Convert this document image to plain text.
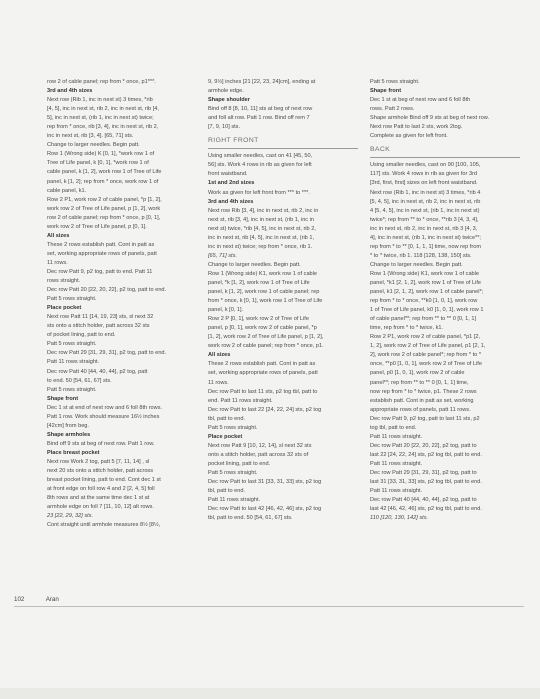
row 2 of cable panel; rep from * once, p1***.
3rd and 4th sizes
Next row (Rib 1, inc in next st) 3 times, *rib
[4, 5], inc in next st, rib 2, inc in next st, rib [4,
5], inc in next st, (rib 1, inc in next st) twice;
rep from * once, rib [3, 4], inc in next st, rib 2,
inc in next st, rib [3, 4]. [65, 71] sts.
Change to larger needles. Begin patt.
Row 1 (Wrong side) K [0, 1], *work row 1 of
Tree of Life panel, k [0, 1], *work row 1 of
cable panel, k [1, 2], work row 1 of Tree of Life
panel, k [1, 2]; rep from * once, work row 1 of
cable panel, k1.
Row 2 P1, work row 2 of cable panel, *p [1, 2],
work row 2 of Tree of Life panel, p [1, 2], work
row 2 of cable panel; rep from * once, p [0, 1],
work row 2 of Tree of Life panel, p [0, 1].
All sizes
These 2 rows establish patt. Cont in patt as
set, working appropriate rows of panels, patt
11 rows.
Dec row Patt 9, p2 tog, patt to end. Patt 11
rows straight.
Dec row Patt 20 [22, 20, 22], p2 tog, patt to end.
Patt 5 rows straight.
Place pocket
Next row Patt 11 [14, 19, 23] sts, sl next 32
sts onto a stitch holder, patt across 32 sts
of pocket lining, patt to end.
Patt 5 rows straight.
Dec row Patt 29 [31, 29, 31], p2 tog, patt to end.
Patt 11 rows straight.
Dec row Patt 40 [44, 40, 44], p2 tog, patt
to end. 50 [54, 61, 67] sts.
Patt 5 rows straight.
Shape front
Dec 1 st at end of next row and 6 foll 8th rows.
Patt 1 row. Work should measure 16½ inches
[42cm] from beg.
Shape armholes
Bind off 9 sts at beg of next row. Patt 1 row.
Place breast pocket
Next row Work 2 tog, patt 5 [7, 11, 14] , sl
next 20 sts onto a stitch holder, patt across
breast pocket lining, patt to end. Cont dec 1 st
at front edge on foll row 4 and 2 [2, 4, 5] foll
8th rows and at the same time dec 1 st at
armhole edge on foll 7 [11, 10, 12] alt rows.
23 [22, 29, 32] sts.
Cont straight until armhole measures 8½ [8½,
9, 9½] inches [21 [22, 23, 24]cm], ending at
armhole edge.
Shape shoulder
Bind off 8 [8, 10, 11] sts at beg of next row
and foll alt row. Patt 1 row. Bind off rem 7
[7, 9, 10] sts.
RIGHT FRONT
Using smaller needles, cast on 41 [45, 50,
56] sts. Work 4 rows in rib as given for left
front waistband.
1st and 2nd sizes
Work as given for left front from *** to ***.
3rd and 4th sizes
Next row Rib [3, 4], inc in next st, rib 2, inc in
next st, rib [3, 4], inc in next st, (rib 1, inc in
next st) twice, *rib [4, 5], inc in next st, rib 2,
inc in next st, rib [4, 5], inc in next st, (rib 1,
inc in next st) twice; rep from * once, rib 1.
[65, 71] sts.
Change to larger needles. Begin patt.
Row 1 (Wrong side) K1, work row 1 of cable
panel, *k [1, 2], work row 1 of Tree of Life
panel, k [1, 2], work row 1 of cable panel; rep
from * once, k [0, 1], work row 1 of Tree of Life
panel, k [0, 1].
Row 2 P [0, 1], work row 2 of Tree of Life
panel, p [0, 1], work row 2 of cable panel, *p
[1, 2], work row 2 of Tree of Life panel, p [1, 2],
work row 2 of cable panel; rep from * once, p1.
All sizes
These 2 rows establish patt. Cont in patt as
set, working appropriate rows of panels, patt
11 rows.
Dec row Patt to last 11 sts, p2 tog tbl, patt to
end. Patt 11 rows straight.
Dec row Patt to last 22 [24, 22, 24] sts, p2 tog
tbl, patt to end.
Patt 5 rows straight.
Place pocket
Next row Patt 9 [10, 12, 14], sl next 32 sts
onto a stitch holder, patt across 32 sts of
pocket lining, patt to end.
Patt 5 rows straight.
Dec row Patt to last 31 [33, 31, 33] sts, p2 tog
tbl, patt to end.
Patt 11 rows straight.
Dec row Patt to last 42 [46, 42, 46] sts, p2 tog
tbl, patt to end. 50 [54, 61, 67] sts.
Patt 5 rows straight.
Shape front
Dec 1 st at beg of next row and 6 foll 8th
rows. Patt 2 rows.
Shape armhole Bind off 9 sts at beg of next row.
Next row Patt to last 2 sts, work 2tog.
Complete as given for left front.
BACK
Using smaller needles, cast on 90 [100, 105,
117] sts. Work 4 rows in rib as given for 3rd
[3rd, first, first] sizes on left front waistband.
Next row (Rib 1, inc in next st) 3 times, *rib 4
[5, 4, 5], inc in next st, rib 2, inc in next st, rib
4 [5, 4, 5], inc in next st, (rib 1, inc in next st)
twice*; rep from ** to * once, **rib 3 [4, 3, 4],
inc in next st, rib 2, inc in next st, rib 3 [4, 3,
4], inc in next st, (rib 1, inc in next st) twice**;
rep from * to ** [0, 1, 1, 1] time, now rep from
* to * twice, rib 1. 118 [128, 138, 150] sts.
Change to larger needles. Begin patt.
Row 1 (Wrong side) K1, work row 1 of cable
panel, *k1 [2, 1, 2], work row 1 of Tree of Life
panel, k1 [2, 1, 2], work row 1 of cable panel*;
rep from * to * once, **k0 [1, 0, 1], work row
1 of Tree of Life panel, k0 [1, 0, 1], work row 1
of cable panel**; rep from ** to ** 0 [0, 1, 1]
time, rep from * to * twice, k1.
Row 2 P1, work row 2 of cable panel, *p1 [2,
1, 2], work row 2 of Tree of Life panel, p1 [2, 1,
2], work row 2 of cable panel*; rep from * to *
once, **p0 [1, 0, 1], work row 2 of Tree of Life
panel, p0 [1, 0, 1], work row 2 of cable
panel**; rep from ** to ** 0 [0, 1, 1] time,
now rep from * to * twice, p1. These 2 rows
establish patt. Cont in patt as set, working
appropriate rows of panels, patt 11 rows.
Dec row Patt 9, p2 tog, patt to last 11 sts, p2
tog tbl, patt to end.
Patt 11 rows straight.
Dec row Patt 20 [22, 20, 22], p2 tog, patt to
last 22 [24, 22, 24] sts, p2 tog tbl, patt to end.
Patt 11 rows straight.
Dec row Patt 29 [31, 29, 31], p2 tog, patt to
last 31 [33, 31, 33] sts, p2 tog tbl, patt to end.
Patt 11 rows straight.
Dec row Patt 40 [44, 40, 44], p2 tog, patt to
last 42 [46, 42, 46] sts, p2 tog tbl, patt to end.
110 [120, 130, 142] sts.
102	Aran
